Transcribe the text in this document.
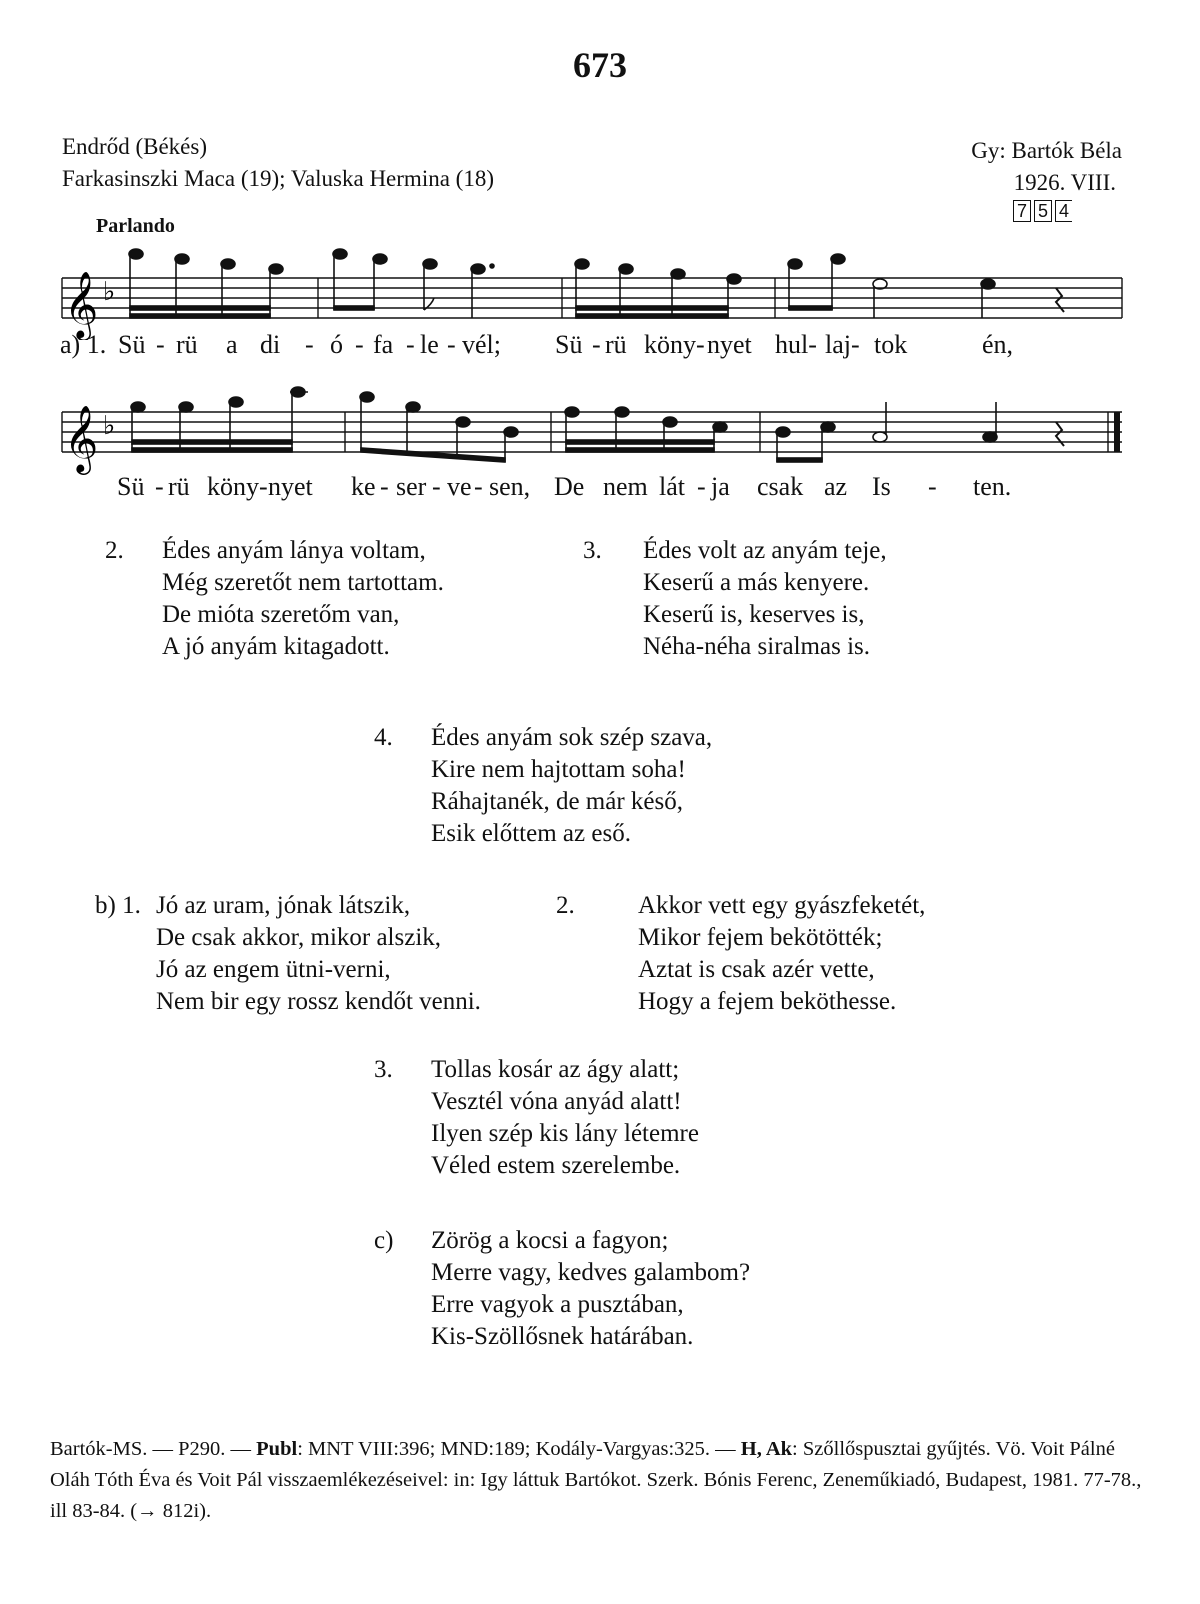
673
Endrőd (Békés)
Farkasinszki Maca (19); Valuska Hermina (18)
Gy: Bartók Béla
1926. VIII.
7 5 4
Parlando
𝄞 ♭
a) 1. Sü - rü a di - ó - fa - le - vél; Sü - rü köny- nyet hul- laj- tok	én,
𝄞 ♭
Sü - rü köny- nyet ke - ser - ve - sen, De nem lát - ja csak az Is - ten.
2. Édes anyám lánya voltam,
Még szeretőt nem tartottam.
De mióta szeretőm van,
A jó anyám kitagadott.
3. Édes volt az anyám teje,
Keserű a más kenyere.
Keserű is, keserves is,
Néha-néha siralmas is.
4. Édes anyám sok szép szava,
Kire nem hajtottam soha!
Ráhajtanék, de már késő,
Esik előttem az eső.
b) 1. Jó az uram, jónak látszik,
De csak akkor, mikor alszik,
Jó az engem ütni-verni,
Nem bir egy rossz kendőt venni.
2.	Akkor vett egy gyászfeketét,
Mikor fejem bekötötték;
Aztat is csak azér vette,
Hogy a fejem beköthesse.
3. Tollas kosár az ágy alatt;
Vesztél vóna anyád alatt!
Ilyen szép kis lány létemre
Véled estem szerelembe.
c) Zörög a kocsi a fagyon;
Merre vagy, kedves galambom?
Erre vagyok a pusztában,
Kis-Szöllősnek határában.
Bartók-MS. — P290. — Publ: MNT VIII:396; MND:189; Kodály-Vargyas:325. — H, Ak: Szőllőspusztai gyűjtés. Vö. Voit Pálné Oláh Tóth Éva és Voit Pál visszaemlékezéseivel: in: Igy láttuk Bartókot. Szerk. Bónis Ferenc, Zeneműkiadó, Budapest, 1981. 77-78., ill 83-84. (→ 812i).
